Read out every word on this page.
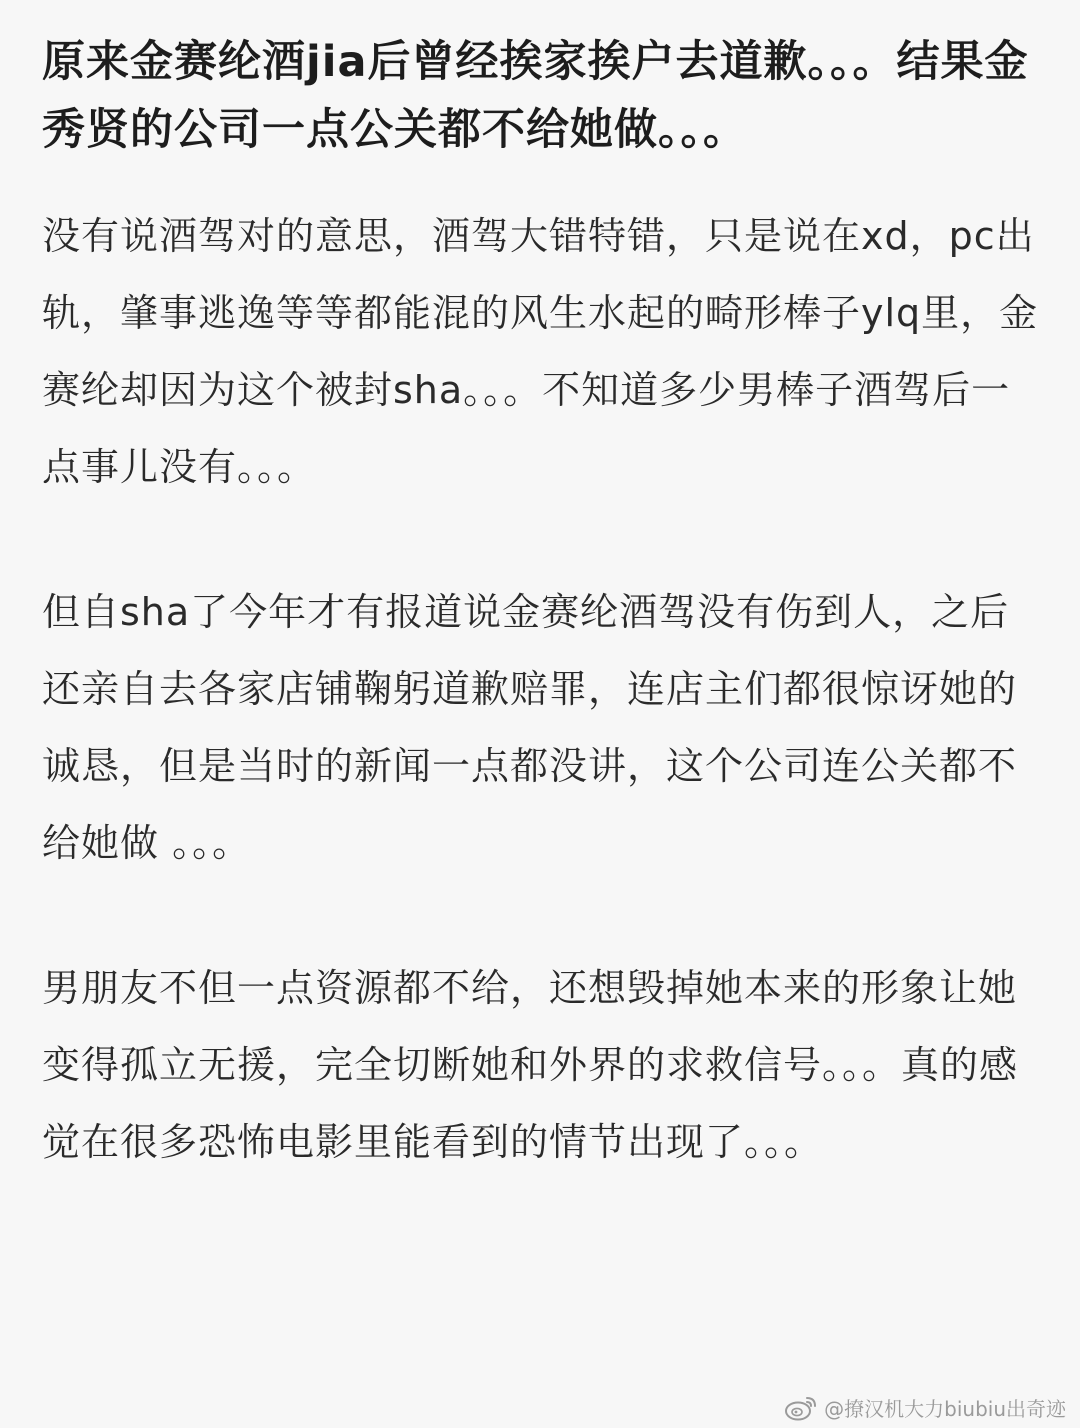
原来金赛纶酒jia后曾经挨家挨户去道歉。。。结果金秀贤的公司一点公关都不给她做。。。

没有说酒驾对的意思，酒驾大错特错，只是说在xd，pc出轨，肇事逃逸等等都能混的风生水起的畸形棒子ylq里，金赛纶却因为这个被封sha。。。不知道多少男棒子酒驾后一点事儿没有。。。

但自sha了今年才有报道说金赛纶酒驾没有伤到人，之后还亲自去各家店铺鞠躬道歉赔罪，连店主们都很惊讶她的诚恳，但是当时的新闻一点都没讲，这个公司连公关都不给她做 。。。

男朋友不但一点资源都不给，还想毁掉她本来的形象让她变得孤立无援，完全切断她和外界的求救信号。。。真的感觉在很多恐怖电影里能看到的情节出现了。。。

@撩汉机大力biubiu出奇迹
